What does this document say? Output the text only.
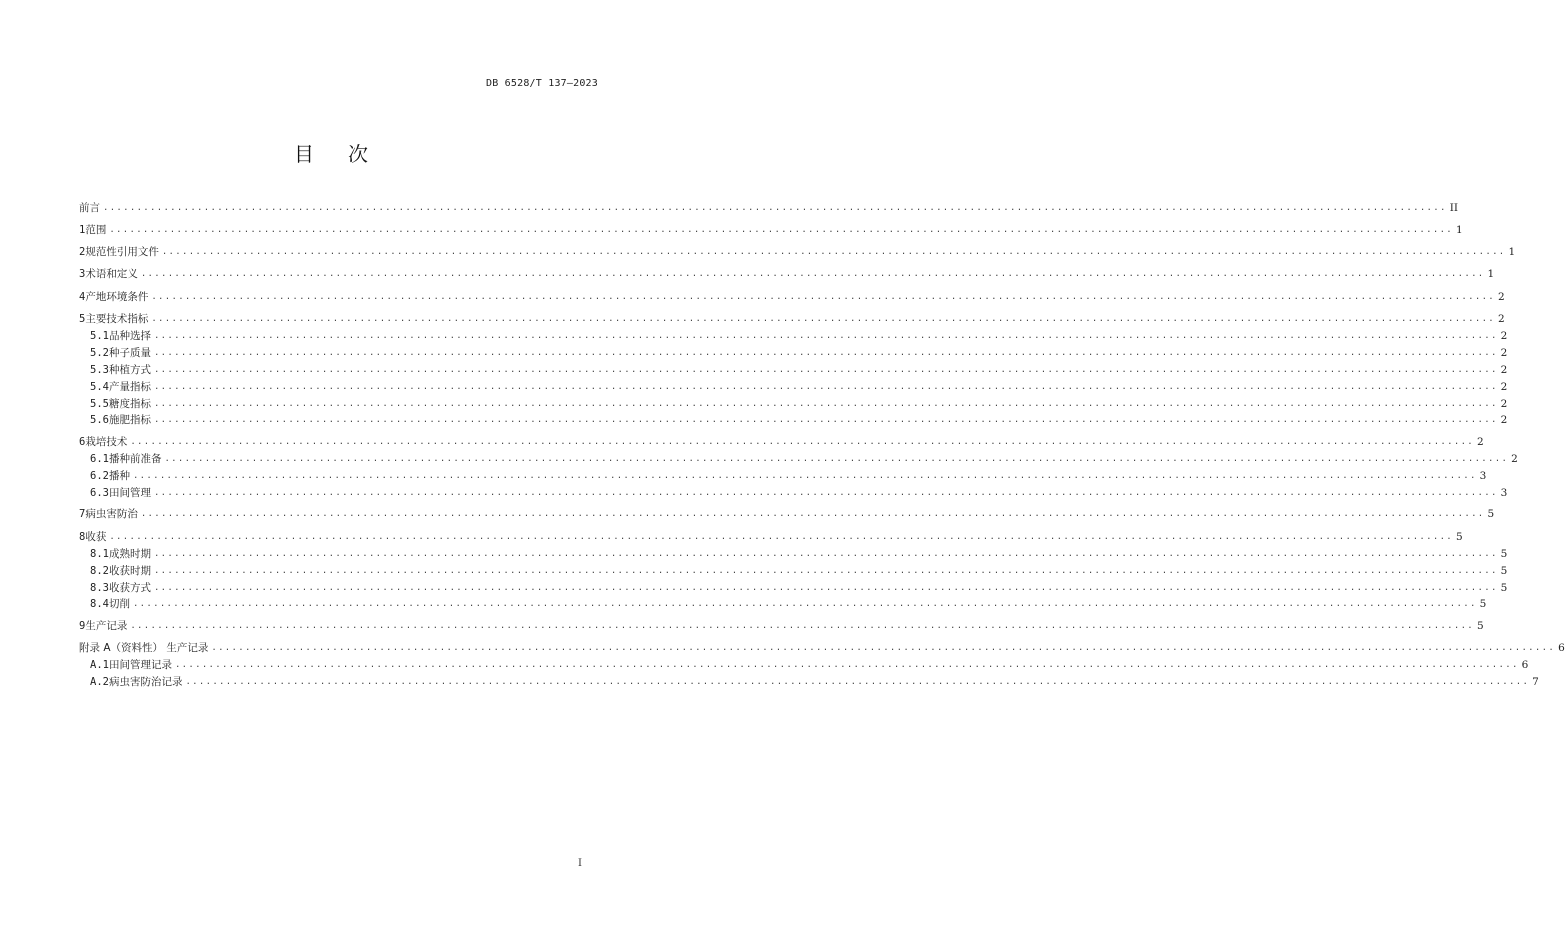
DB 6528/T 137—2023
目 次
前言 ........................................................................................................................................................................................................ II
1 范围 ........................................................................................................................................................................................................ 1
2 规范性引用文件 ........................................................................................................................................................................................................ 1
3 术语和定义 ........................................................................................................................................................................................................ 1
4 产地环境条件 ........................................................................................................................................................................................................ 2
5 主要技术指标 ........................................................................................................................................................................................................ 2
5.1 品种选择 ........................................................................................................................................................................................................ 2
5.2 种子质量 ........................................................................................................................................................................................................ 2
5.3 种植方式 ........................................................................................................................................................................................................ 2
5.4 产量指标 ........................................................................................................................................................................................................ 2
5.5 糖度指标 ........................................................................................................................................................................................................ 2
5.6 施肥指标 ........................................................................................................................................................................................................ 2
6 栽培技术 ........................................................................................................................................................................................................ 2
6.1 播种前准备 ........................................................................................................................................................................................................ 2
6.2 播种 ........................................................................................................................................................................................................ 3
6.3 田间管理 ........................................................................................................................................................................................................ 3
7 病虫害防治 ........................................................................................................................................................................................................ 5
8 收获 ........................................................................................................................................................................................................ 5
8.1 成熟时期 ........................................................................................................................................................................................................ 5
8.2 收获时期 ........................................................................................................................................................................................................ 5
8.3 收获方式 ........................................................................................................................................................................................................ 5
8.4 切削 ........................................................................................................................................................................................................ 5
9 生产记录 ........................................................................................................................................................................................................ 5
附录 A（资料性） 生产记录 ........................................................................................................................................................................................................ 6
A.1 田间管理记录 ........................................................................................................................................................................................................ 6
A.2 病虫害防治记录 ........................................................................................................................................................................................................ 7
I
